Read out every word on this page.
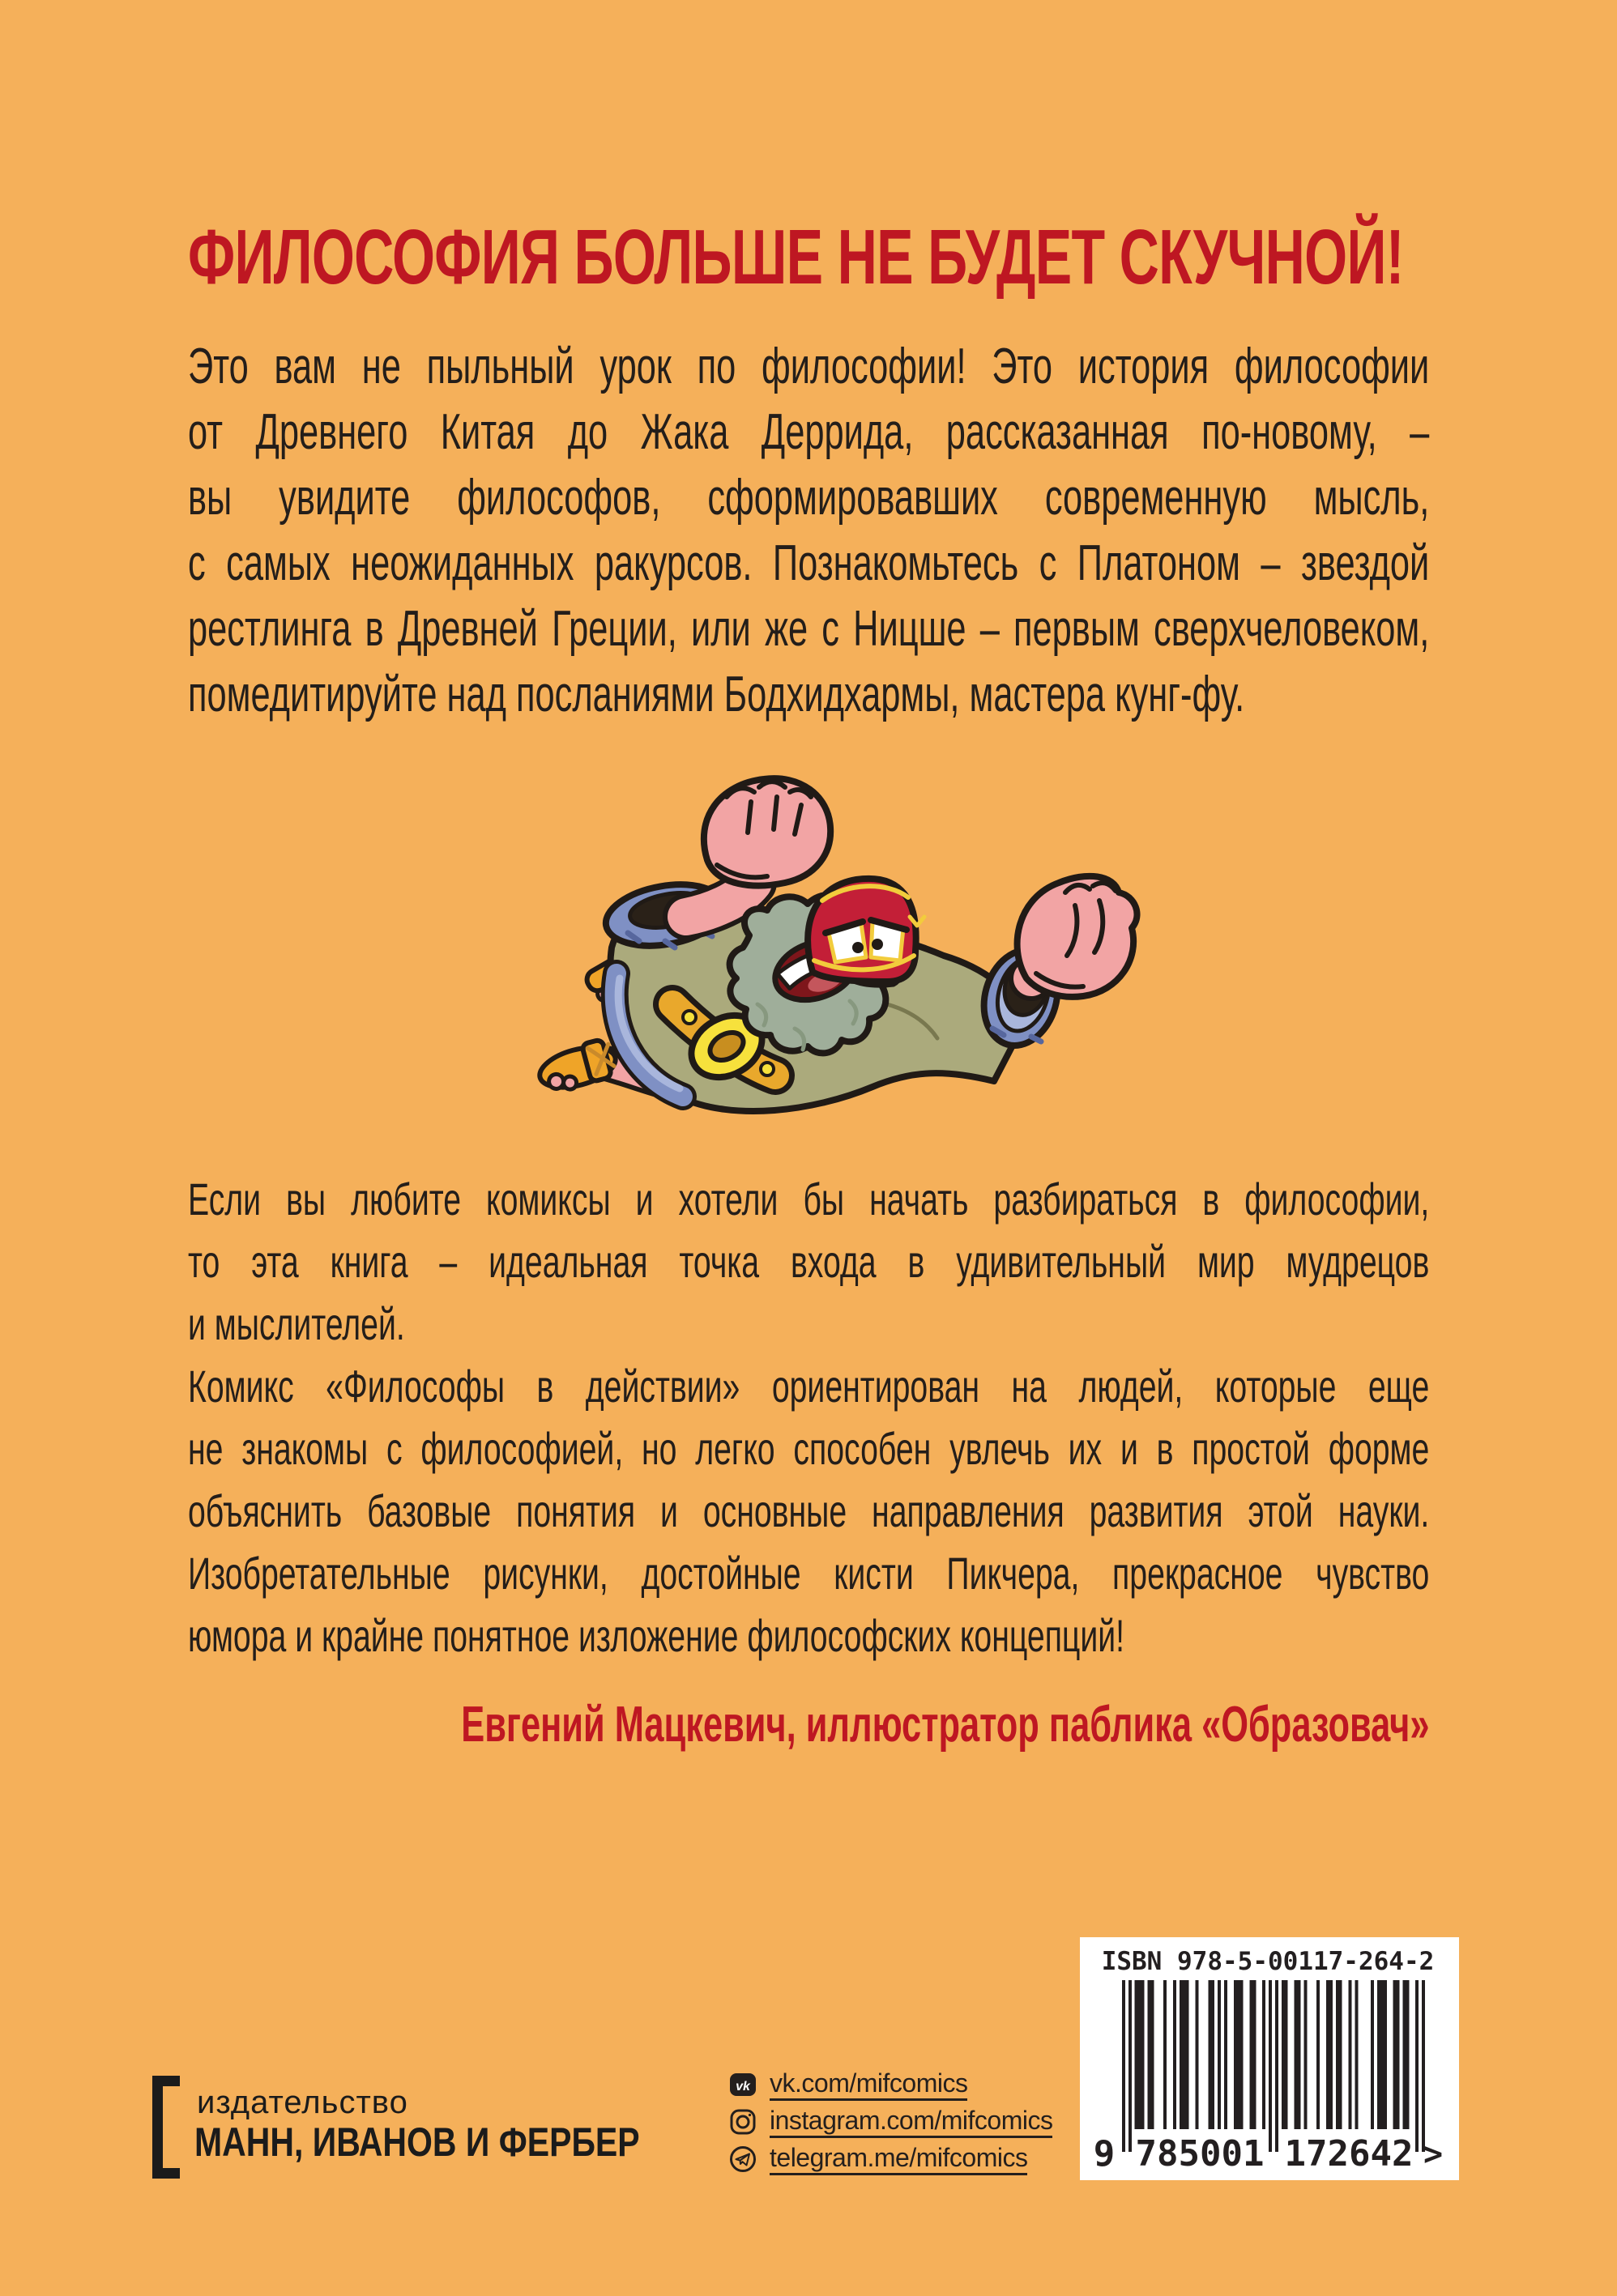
ФИЛОСОФИЯ БОЛЬШЕ НЕ БУДЕТ СКУЧНОЙ!
Это вам не пыльный урок по философии! Это история философии
от Древнего Китая до Жака Деррида, рассказанная по-новому, –
вы увидите философов, сформировавших современную мысль,
с самых неожиданных ракурсов. Познакомьтесь с Платоном – звездой
рестлинга в Древней Греции, или же с Ницше – первым сверхчеловеком,
помедитируйте над посланиями Бодхидхармы, мастера кунг-фу.
Если вы любите комиксы и хотели бы начать разбираться в философии,
то эта книга – идеальная точка входа в удивительный мир мудрецов
и мыслителей.
Комикс «Философы в действии» ориентирован на людей, которые еще
не знакомы с философией, но легко способен увлечь их и в простой форме
объяснить базовые понятия и основные направления развития этой науки.
Изобретательные рисунки, достойные кисти Пикчера, прекрасное чувство
юмора и крайне понятное изложение философских концепций!
Евгений Мацкевич, иллюстратор паблика «Образовач»
издательство
МАНН, ИВАНОВ И ФЕРБЕР
vk vk.com/mifcomics
instagram.com/mifcomics
telegram.me/mifcomics
ISBN 978-5-00117-264-2
9 785001 172642 >
